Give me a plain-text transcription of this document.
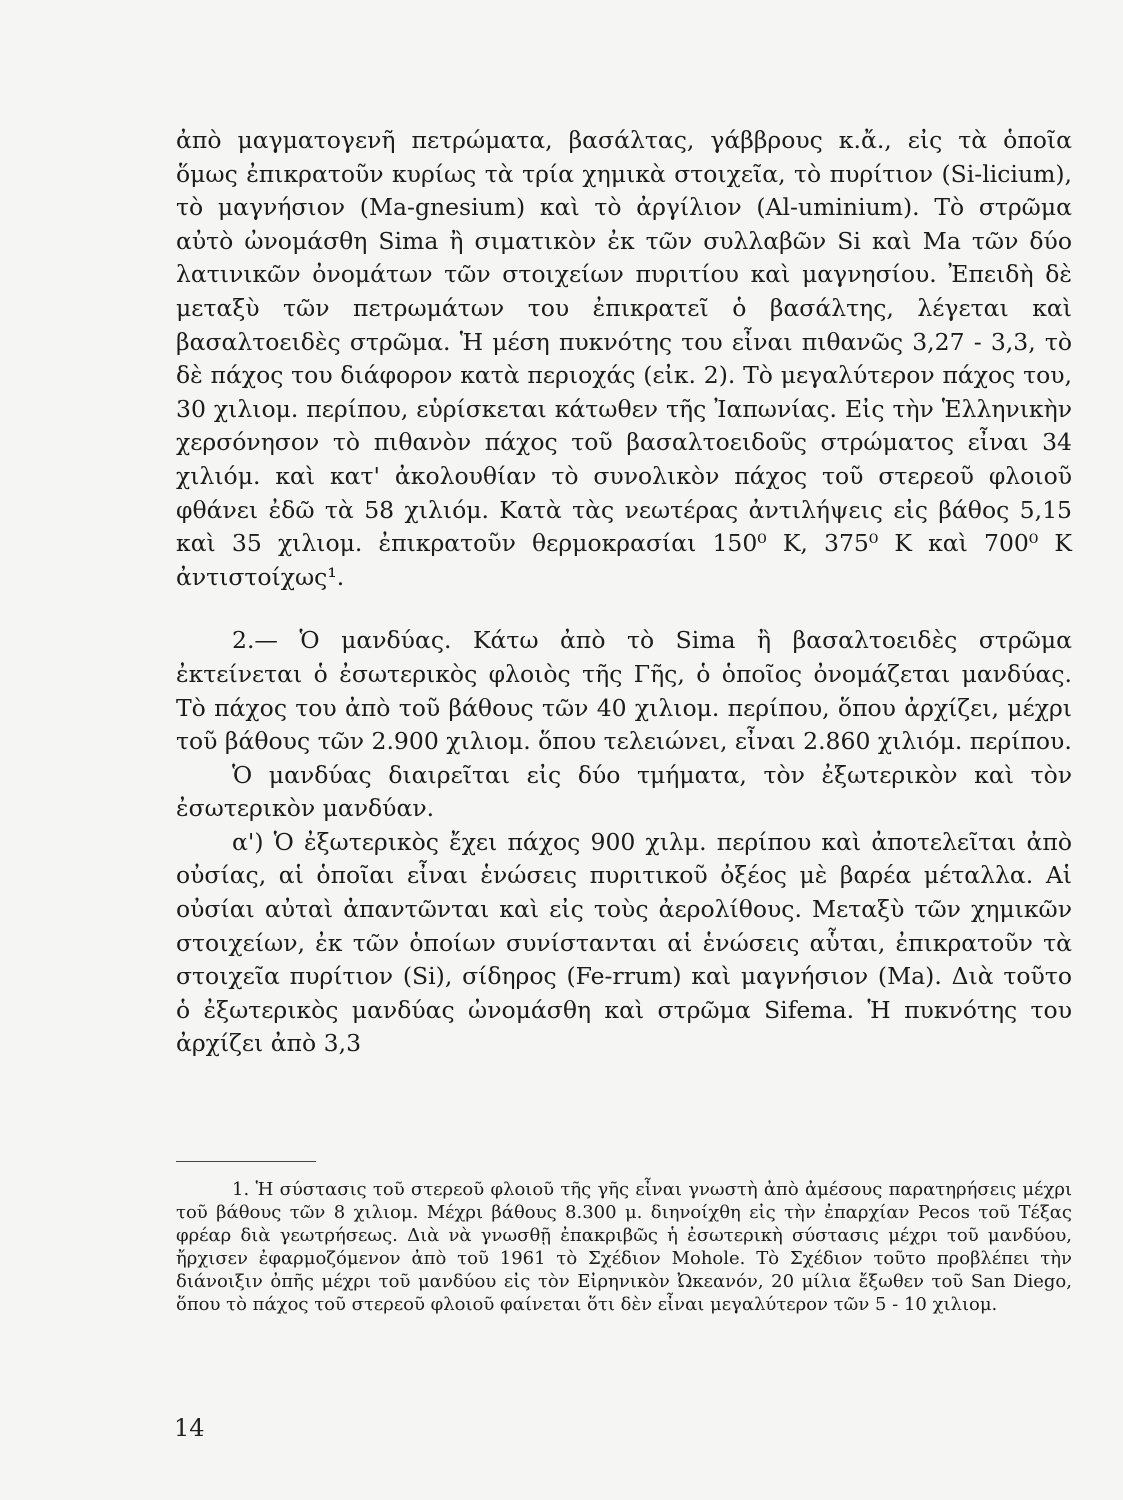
ἀπὸ μαγματογενῆ πετρώματα, βασάλτας, γάββρους κ.ἄ., εἰς τὰ ὁποῖα ὅμως ἐπικρατοῦν κυρίως τὰ τρία χημικὰ στοιχεῖα, τὸ πυρίτιον (Si-licium), τὸ μαγνήσιον (Ma-gnesium) καὶ τὸ ἀργίλιον (Al-uminium). Τὸ στρῶμα αὐτὸ ὠνομάσθη Sima ἢ σιματικὸν ἐκ τῶν συλλαβῶν Si καὶ Ma τῶν δύο λατινικῶν ὀνομάτων τῶν στοιχείων πυριτίου καὶ μαγνησίου. Ἐπειδὴ δὲ μεταξὺ τῶν πετρωμάτων του ἐπικρατεῖ ὁ βασάλτης, λέγεται καὶ βασαλτοειδὲς στρῶμα. Ἡ μέση πυκνότης του εἶναι πιθανῶς 3,27 - 3,3, τὸ δὲ πάχος του διάφορον κατὰ περιοχάς (εἰκ. 2). Τὸ μεγαλύτερον πάχος του, 30 χιλιομ. περίπου, εὑρίσκεται κάτωθεν τῆς Ἰαπωνίας. Εἰς τὴν Ἑλληνικὴν χερσόνησον τὸ πιθανὸν πάχος τοῦ βασαλτοειδοῦς στρώματος εἶναι 34 χιλιόμ. καὶ κατ' ἀκολουθίαν τὸ συνολικὸν πάχος τοῦ στερεοῦ φλοιοῦ φθάνει ἐδῶ τὰ 58 χιλιόμ. Κατὰ τὰς νεωτέρας ἀντιλήψεις εἰς βάθος 5,15 καὶ 35 χιλιομ. ἐπικρατοῦν θερμοκρασίαι 150⁰ K, 375⁰ K καὶ 700⁰ K ἀντιστοίχως¹.

2.— Ὁ μανδύας. Κάτω ἀπὸ τὸ Sima ἢ βασαλτοειδὲς στρῶμα ἐκτείνεται ὁ ἐσωτερικὸς φλοιὸς τῆς Γῆς, ὁ ὁποῖος ὀνομάζεται μανδύας. Τὸ πάχος του ἀπὸ τοῦ βάθους τῶν 40 χιλιομ. περίπου, ὅπου ἀρχίζει, μέχρι τοῦ βάθους τῶν 2.900 χιλιομ. ὅπου τελειώνει, εἶναι 2.860 χιλιόμ. περίπου.

Ὁ μανδύας διαιρεῖται εἰς δύο τμήματα, τὸν ἐξωτερικὸν καὶ τὸν ἐσωτερικὸν μανδύαν.

α') Ὁ ἐξωτερικὸς ἔχει πάχος 900 χιλμ. περίπου καὶ ἀποτελεῖται ἀπὸ οὐσίας, αἱ ὁποῖαι εἶναι ἑνώσεις πυριτικοῦ ὀξέος μὲ βαρέα μέταλλα. Αἱ οὐσίαι αὐταὶ ἀπαντῶνται καὶ εἰς τοὺς ἀερολίθους. Μεταξὺ τῶν χημικῶν στοιχείων, ἐκ τῶν ὁποίων συνίστανται αἱ ἑνώσεις αὗται, ἐπικρατοῦν τὰ στοιχεῖα πυρίτιον (Si), σίδηρος (Fe-rrum) καὶ μαγνήσιον (Ma). Διὰ τοῦτο ὁ ἐξωτερικὸς μανδύας ὠνομάσθη καὶ στρῶμα Sifema. Ἡ πυκνότης του ἀρχίζει ἀπὸ 3,3

1. Ἡ σύστασις τοῦ στερεοῦ φλοιοῦ τῆς γῆς εἶναι γνωστὴ ἀπὸ ἀμέσους παρατηρήσεις μέχρι τοῦ βάθους τῶν 8 χιλιομ. Μέχρι βάθους 8.300 μ. διηνοίχθη εἰς τὴν ἐπαρχίαν Pecos τοῦ Τέξας φρέαρ διὰ γεωτρήσεως. Διὰ νὰ γνωσθῇ ἐπακριβῶς ἡ ἐσωτερικὴ σύστασις μέχρι τοῦ μανδύου, ἤρχισεν ἐφαρμοζόμενον ἀπὸ τοῦ 1961 τὸ Σχέδιον Mohole. Τὸ Σχέδιον τοῦτο προβλέπει τὴν διάνοιξιν ὀπῆς μέχρι τοῦ μανδύου εἰς τὸν Εἰρηνικὸν Ὠκεανόν, 20 μίλια ἔξωθεν τοῦ San Diego, ὅπου τὸ πάχος τοῦ στερεοῦ φλοιοῦ φαίνεται ὅτι δὲν εἶναι μεγαλύτερον τῶν 5 - 10 χιλιομ.

14
